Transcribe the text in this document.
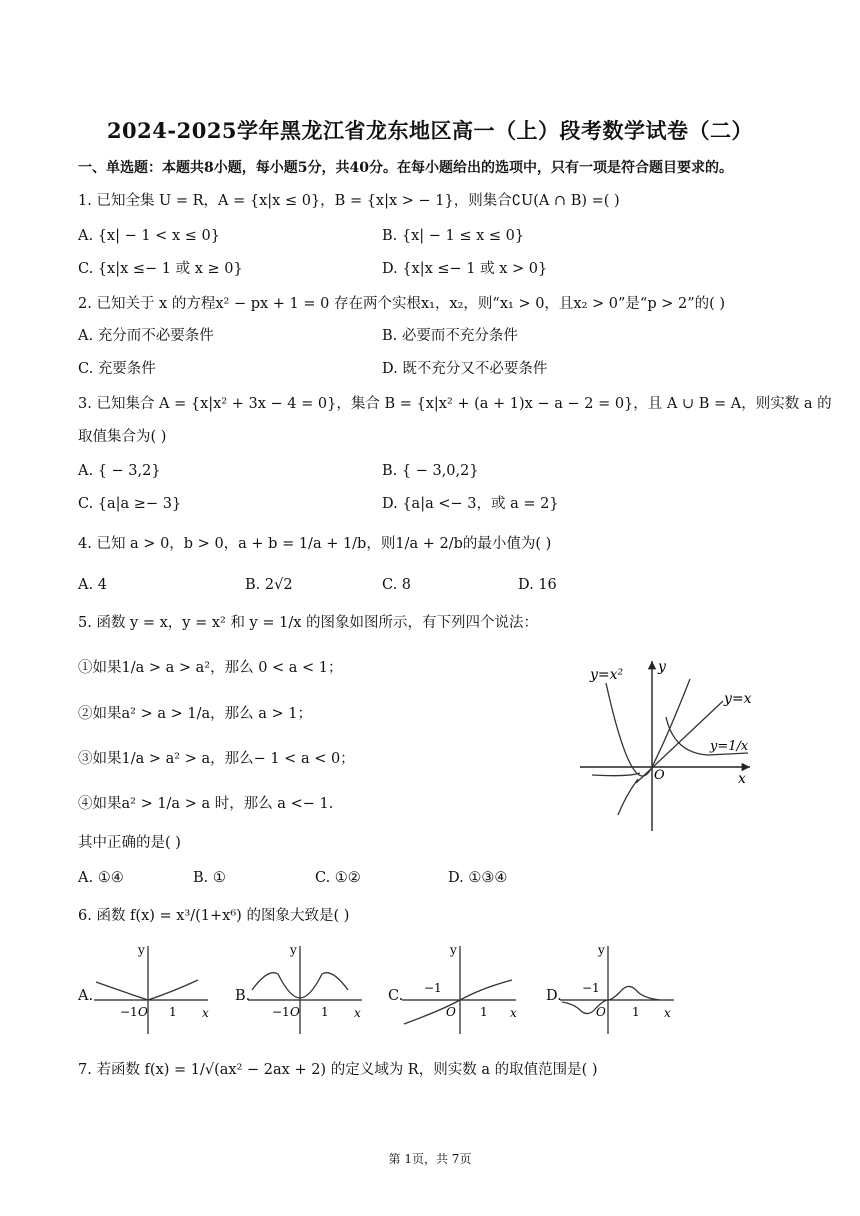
2024-2025学年黑龙江省龙东地区高一（上）段考数学试卷（二）
一、单选题：本题共8小题，每小题5分，共40分。在每小题给出的选项中，只有一项是符合题目要求的。
1. 已知全集 U = R，A = {x|x ≤ 0}，B = {x|x > − 1}，则集合∁U(A ∩ B) =( )
A. {x| − 1 < x ≤ 0}	B. {x| − 1 ≤ x ≤ 0}
C. {x|x ≤− 1 或 x ≥ 0}	D. {x|x ≤− 1 或 x > 0}
2. 已知关于 x 的方程x² − px + 1 = 0 存在两个实根x₁，x₂，则“x₁ > 0，且x₂ > 0”是“p > 2”的( )
A. 充分而不必要条件	B. 必要而不充分条件
C. 充要条件	D. 既不充分又不必要条件
3. 已知集合 A = {x|x² + 3x − 4 = 0}，集合 B = {x|x² + (a + 1)x − a − 2 = 0}，且 A ∪ B = A，则实数 a 的
取值集合为( )
A. { − 3,2}	B. { − 3,0,2}
C. {a|a ≥− 3}	D. {a|a <− 3，或 a = 2}
4. 已知 a > 0，b > 0，a + b = 1/a + 1/b，则1/a + 2/b的最小值为( )
A. 4	B. 2√2	C. 8	D. 16
5. 函数 y = x，y = x² 和 y = 1/x 的图象如图所示，有下列四个说法：
①如果1/a > a > a²，那么 0 < a < 1；
②如果a² > a > 1/a，那么 a > 1；
③如果1/a > a² > a，那么− 1 < a < 0；
④如果a² > 1/a > a 时，那么 a <− 1.
其中正确的是( )
A. ①④	B. ①	C. ①②	D. ①③④
y=x²
y=x
y=1/x
y
x
O
6. 函数 f(x) = x³/(1+x⁶) 的图象大致是( )
A.
y
x
−1 O 1
B.
y
x
−1 O 1
C.
y
x
−1
O 1
D.
y
x
−1
O 1
7. 若函数 f(x) = 1/√(ax² − 2ax + 2) 的定义域为 R，则实数 a 的取值范围是( )
第 1页，共 7页
